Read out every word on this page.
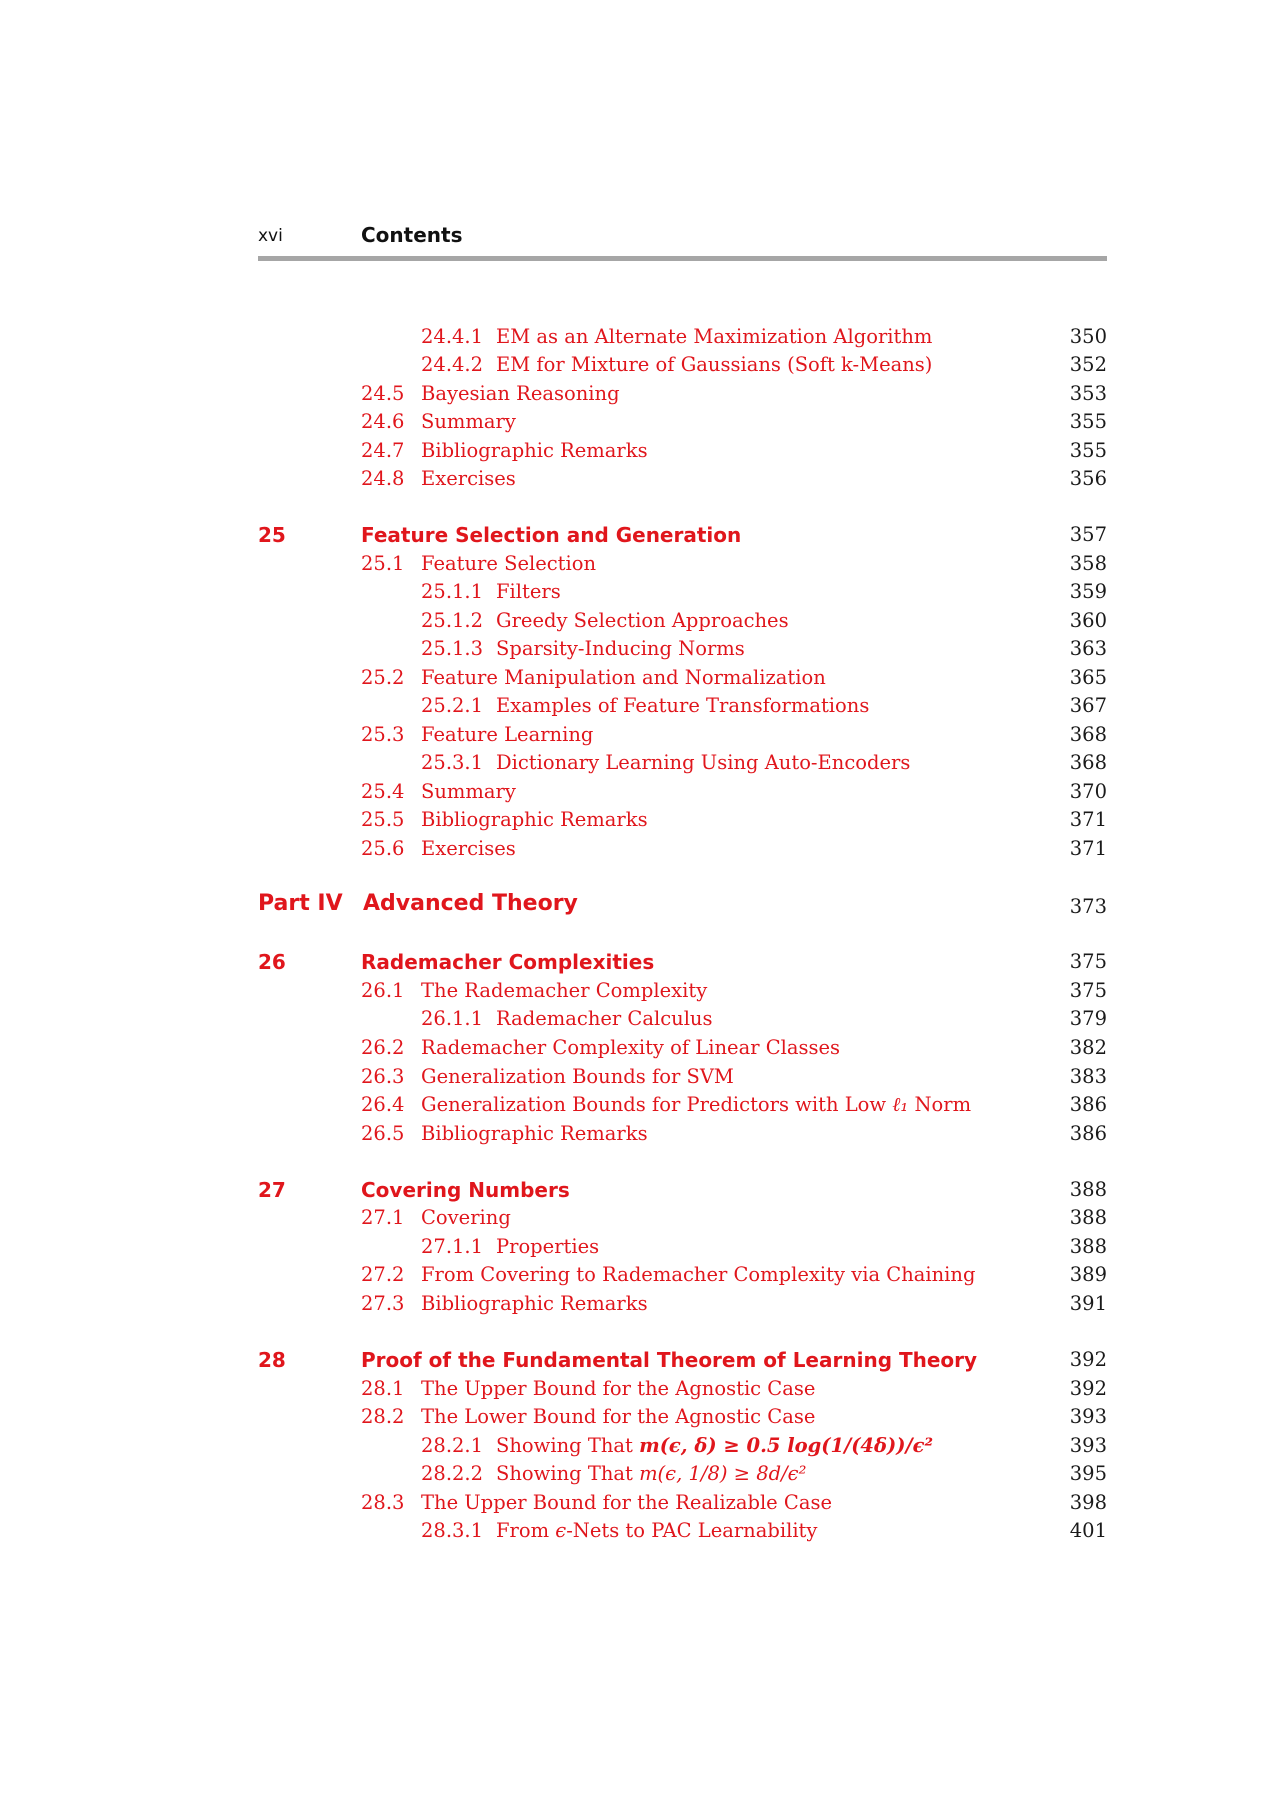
xvi	Contents
24.4.1 EM as an Alternate Maximization Algorithm	350
24.4.2 EM for Mixture of Gaussians (Soft k-Means)	352
24.5 Bayesian Reasoning	353
24.6 Summary	355
24.7 Bibliographic Remarks	355
24.8 Exercises	356
25	Feature Selection and Generation	357
25.1 Feature Selection	358
25.1.1 Filters	359
25.1.2 Greedy Selection Approaches	360
25.1.3 Sparsity-Inducing Norms	363
25.2 Feature Manipulation and Normalization	365
25.2.1 Examples of Feature Transformations	367
25.3 Feature Learning	368
25.3.1 Dictionary Learning Using Auto-Encoders	368
25.4 Summary	370
25.5 Bibliographic Remarks	371
25.6 Exercises	371
Part IV Advanced Theory	373
26	Rademacher Complexities	375
26.1 The Rademacher Complexity	375
26.1.1 Rademacher Calculus	379
26.2 Rademacher Complexity of Linear Classes	382
26.3 Generalization Bounds for SVM	383
26.4 Generalization Bounds for Predictors with Low ℓ₁ Norm	386
26.5 Bibliographic Remarks	386
27	Covering Numbers	388
27.1 Covering	388
27.1.1 Properties	388
27.2 From Covering to Rademacher Complexity via Chaining	389
27.3 Bibliographic Remarks	391
28	Proof of the Fundamental Theorem of Learning Theory	392
28.1 The Upper Bound for the Agnostic Case	392
28.2 The Lower Bound for the Agnostic Case	393
28.2.1 Showing That m(ϵ, δ) ≥ 0.5 log(1/(4δ))/ϵ²	393
28.2.2 Showing That m(ϵ, 1/8) ≥ 8d/ϵ²	395
28.3 The Upper Bound for the Realizable Case	398
28.3.1 From ϵ-Nets to PAC Learnability	401
